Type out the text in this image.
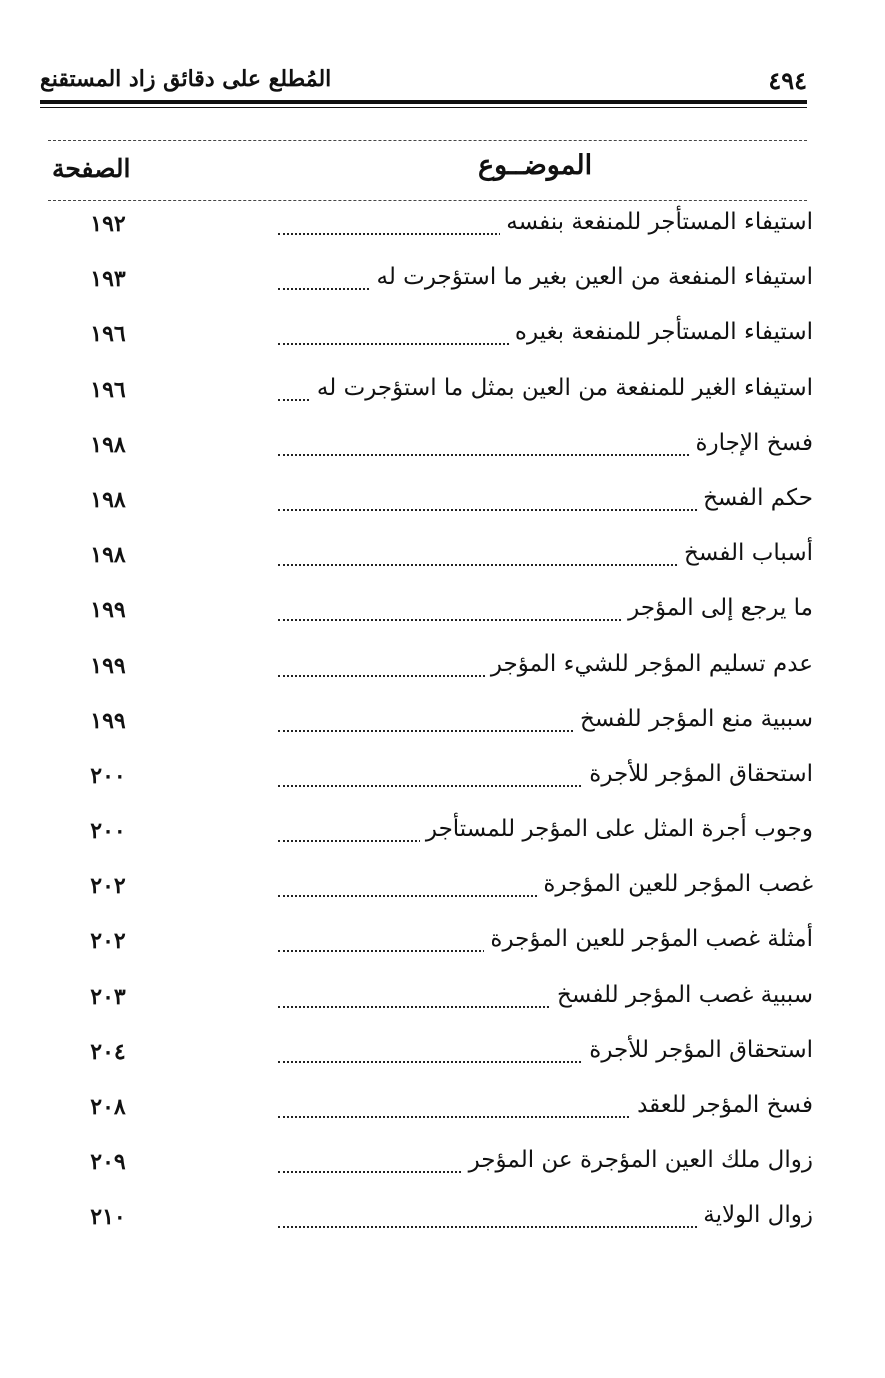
٤٩٤
المُطلع على دقائق زاد المستقنع
الصفحة	الموضــوع
استيفاء المستأجر للمنفعة بنفسه
١٩٢
استيفاء المنفعة من العين بغير ما استؤجرت له
١٩٣
استيفاء المستأجر للمنفعة بغيره
١٩٦
استيفاء الغير للمنفعة من العين بمثل ما استؤجرت له
١٩٦
فسخ الإجارة
١٩٨
حكم الفسخ
١٩٨
أسباب الفسخ
١٩٨
ما يرجع إلى المؤجر
١٩٩
عدم تسليم المؤجر للشيء المؤجر
١٩٩
سببية منع المؤجر للفسخ
١٩٩
استحقاق المؤجر للأجرة
٢٠٠
وجوب أجرة المثل على المؤجر للمستأجر
٢٠٠
غصب المؤجر للعين المؤجرة
٢٠٢
أمثلة غصب المؤجر للعين المؤجرة
٢٠٢
سببية غصب المؤجر للفسخ
٢٠٣
استحقاق المؤجر للأجرة
٢٠٤
فسخ المؤجر للعقد
٢٠٨
زوال ملك العين المؤجرة عن المؤجر
٢٠٩
زوال الولاية
٢١٠
